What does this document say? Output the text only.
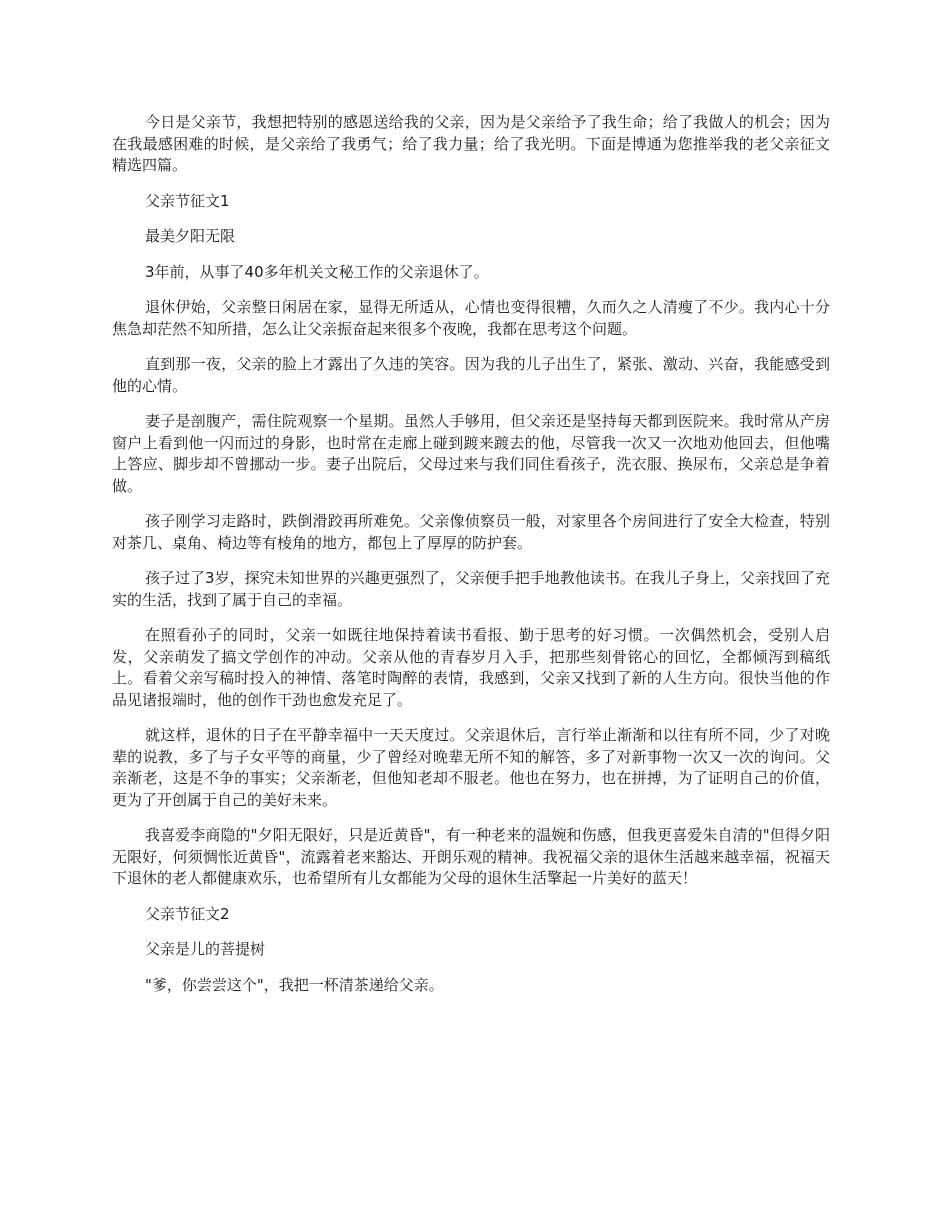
今日是父亲节，我想把特别的感恩送给我的父亲，因为是父亲给予了我生命；给了我做人的机会；因为在我最感困难的时候，是父亲给了我勇气；给了我力量；给了我光明。下面是博通为您推举我的老父亲征文精选四篇。

父亲节征文1

最美夕阳无限

3年前，从事了40多年机关文秘工作的父亲退休了。

退休伊始，父亲整日闲居在家，显得无所适从，心情也变得很糟，久而久之人清瘦了不少。我内心十分焦急却茫然不知所措，怎么让父亲振奋起来很多个夜晚，我都在思考这个问题。

直到那一夜，父亲的脸上才露出了久违的笑容。因为我的儿子出生了，紧张、激动、兴奋，我能感受到他的心情。

妻子是剖腹产，需住院观察一个星期。虽然人手够用，但父亲还是坚持每天都到医院来。我时常从产房窗户上看到他一闪而过的身影，也时常在走廊上碰到踱来踱去的他，尽管我一次又一次地劝他回去，但他嘴上答应、脚步却不曾挪动一步。妻子出院后，父母过来与我们同住看孩子，洗衣服、换尿布，父亲总是争着做。

孩子刚学习走路时，跌倒滑跤再所难免。父亲像侦察员一般，对家里各个房间进行了安全大检查，特别对茶几、桌角、椅边等有棱角的地方，都包上了厚厚的防护套。

孩子过了3岁，探究未知世界的兴趣更强烈了，父亲便手把手地教他读书。在我儿子身上，父亲找回了充实的生活，找到了属于自己的幸福。

在照看孙子的同时，父亲一如既往地保持着读书看报、勤于思考的好习惯。一次偶然机会，受别人启发，父亲萌发了搞文学创作的冲动。父亲从他的青春岁月入手，把那些刻骨铭心的回忆，全都倾泻到稿纸上。看着父亲写稿时投入的神情、落笔时陶醉的表情，我感到，父亲又找到了新的人生方向。很快当他的作品见诸报端时，他的创作干劲也愈发充足了。

就这样，退休的日子在平静幸福中一天天度过。父亲退休后，言行举止渐渐和以往有所不同，少了对晚辈的说教，多了与子女平等的商量，少了曾经对晚辈无所不知的解答，多了对新事物一次又一次的询问。父亲渐老，这是不争的事实；父亲渐老，但他知老却不服老。他也在努力，也在拼搏，为了证明自己的价值，更为了开创属于自己的美好未来。

我喜爱李商隐的"夕阳无限好，只是近黄昏"，有一种老来的温婉和伤感，但我更喜爱朱自清的"但得夕阳无限好，何须惆怅近黄昏"，流露着老来豁达、开朗乐观的精神。我祝福父亲的退休生活越来越幸福，祝福天下退休的老人都健康欢乐，也希望所有儿女都能为父母的退休生活擎起一片美好的蓝天！

父亲节征文2

父亲是儿的菩提树

"爹，你尝尝这个"，我把一杯清茶递给父亲。
